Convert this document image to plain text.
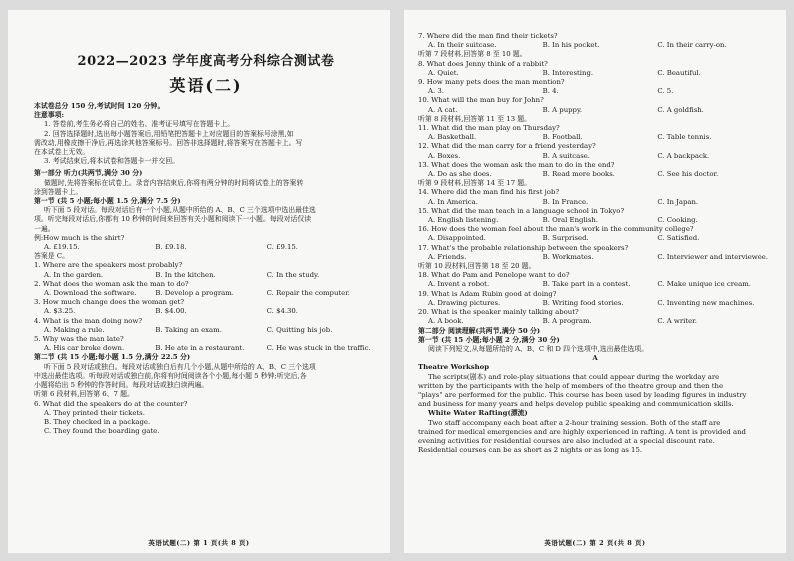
2022—2023 学年度高考分科综合测试卷
英语(二)
本试卷总分 150 分,考试时间 120 分钟。
注意事项:
1. 答卷前,考生务必将自己的姓名、准考证号填写在答题卡上。
2. 回答选择题时,选出每小题答案后,用铅笔把答题卡上对应题目的答案标号涂黑,如
需改动,用橡皮擦干净后,再选涂其他答案标号。回答非选择题时,将答案写在答题卡上。写
在本试卷上无效。
3. 考试结束后,将本试卷和答题卡一并交回。
第一部分 听力(共两节,满分 30 分)
做题时,先将答案标在试卷上。录音内容结束后,你将有两分钟的时间将试卷上的答案转
涂到答题卡上。
第一节 (共 5 小题;每小题 1.5 分,满分 7.5 分)
听下面 5 段对话。每段对话后有一个小题,从题中所给的 A、B、C 三个选项中选出最佳选
项。听完每段对话后,你都有 10 秒钟的时间来回答有关小题和阅读下一小题。每段对话仅读
一遍。
例:How much is the shirt?
A. £19.15.	B. £9.18.	C. £9.15.
答案是 C。
1. Where are the speakers most probably?
A. In the garden.	B. In the kitchen.	C. In the study.
2. What does the woman ask the man to do?
A. Download the software.	B. Develop a program.	C. Repair the computer.
3. How much change does the woman get?
A. $3.25.	B. $4.00.	C. $4.30.
4. What is the man doing now?
A. Making a rule.	B. Taking an exam.	C. Quitting his job.
5. Why was the man late?
A. His car broke down.	B. He ate in a restaurant.	C. He was stuck in the traffic.
第二节 (共 15 小题;每小题 1.5 分,满分 22.5 分)
听下面 5 段对话或独白。每段对话或独白后有几个小题,从题中所给的 A、B、C 三个选项
中选出最佳选项。听每段对话或独白前,你将有时间阅读各个小题,每小题 5 秒钟;听完后,各
小题将给出 5 秒钟的作答时间。每段对话或独白读两遍。
听第 6 段材料,回答第 6、7 题。
6. What did the speakers do at the counter?
A. They printed their tickets.
B. They checked in a package.
C. They found the boarding gate.
英语试题(二) 第 1 页(共 8 页)
7. Where did the man find their tickets?
A. In their suitcase.	B. In his pocket.	C. In their carry-on.
听第 7 段材料,回答第 8 至 10 题。
8. What does Jenny think of a rabbit?
A. Quiet.	B. Interesting.	C. Beautiful.
9. How many pets does the man mention?
A. 3.	B. 4.	C. 5.
10. What will the man buy for John?
A. A cat.	B. A puppy.	C. A goldfish.
听第 8 段材料,回答第 11 至 13 题。
11. What did the man play on Thursday?
A. Basketball.	B. Football.	C. Table tennis.
12. What did the man carry for a friend yesterday?
A. Boxes.	B. A suitcase.	C. A backpack.
13. What does the woman ask the man to do in the end?
A. Do as she does.	B. Read more books.	C. See his doctor.
听第 9 段材料,回答第 14 至 17 题。
14. Where did the man find his first job?
A. In America.	B. In France.	C. In Japan.
15. What did the man teach in a language school in Tokyo?
A. English listening.	B. Oral English.	C. Cooking.
16. How does the woman feel about the man's work in the community college?
A. Disappointed.	B. Surprised.	C. Satisfied.
17. What's the probable relationship between the speakers?
A. Friends.	B. Workmates.	C. Interviewer and interviewee.
听第 10 段材料,回答第 18 至 20 题。
18. What do Pam and Penelope want to do?
A. Invent a robot.	B. Take part in a contest.	C. Make unique ice cream.
19. What is Adam Rubin good at doing?
A. Drawing pictures.	B. Writing food stories.	C. Inventing new machines.
20. What is the speaker mainly talking about?
A. A book.	B. A program.	C. A writer.
第二部分 阅读理解(共两节,满分 50 分)
第一节 (共 15 小题;每小题 2 分,满分 30 分)
阅读下列短文,从每题所给的 A、B、C 和 D 四个选项中,选出最佳选项。
A
Theatre Workshop
The scripts(剧本) and role-play situations that could appear during the workday are
written by the participants with the help of members of the theatre group and then the
"plays" are performed for the public. This course has been used by leading figures in industry
and business for many years and helps develop public speaking and communication skills.
White Water Rafting(漂流)
Two staff accompany each boat after a 2-hour training session. Both of the staff are
trained for medical emergencies and are highly experienced in rafting. A tent is provided and
evening activities for residential courses are also included at a special discount rate.
Residential courses can be as short as 2 nights or as long as 15.
英语试题(二) 第 2 页(共 8 页)
